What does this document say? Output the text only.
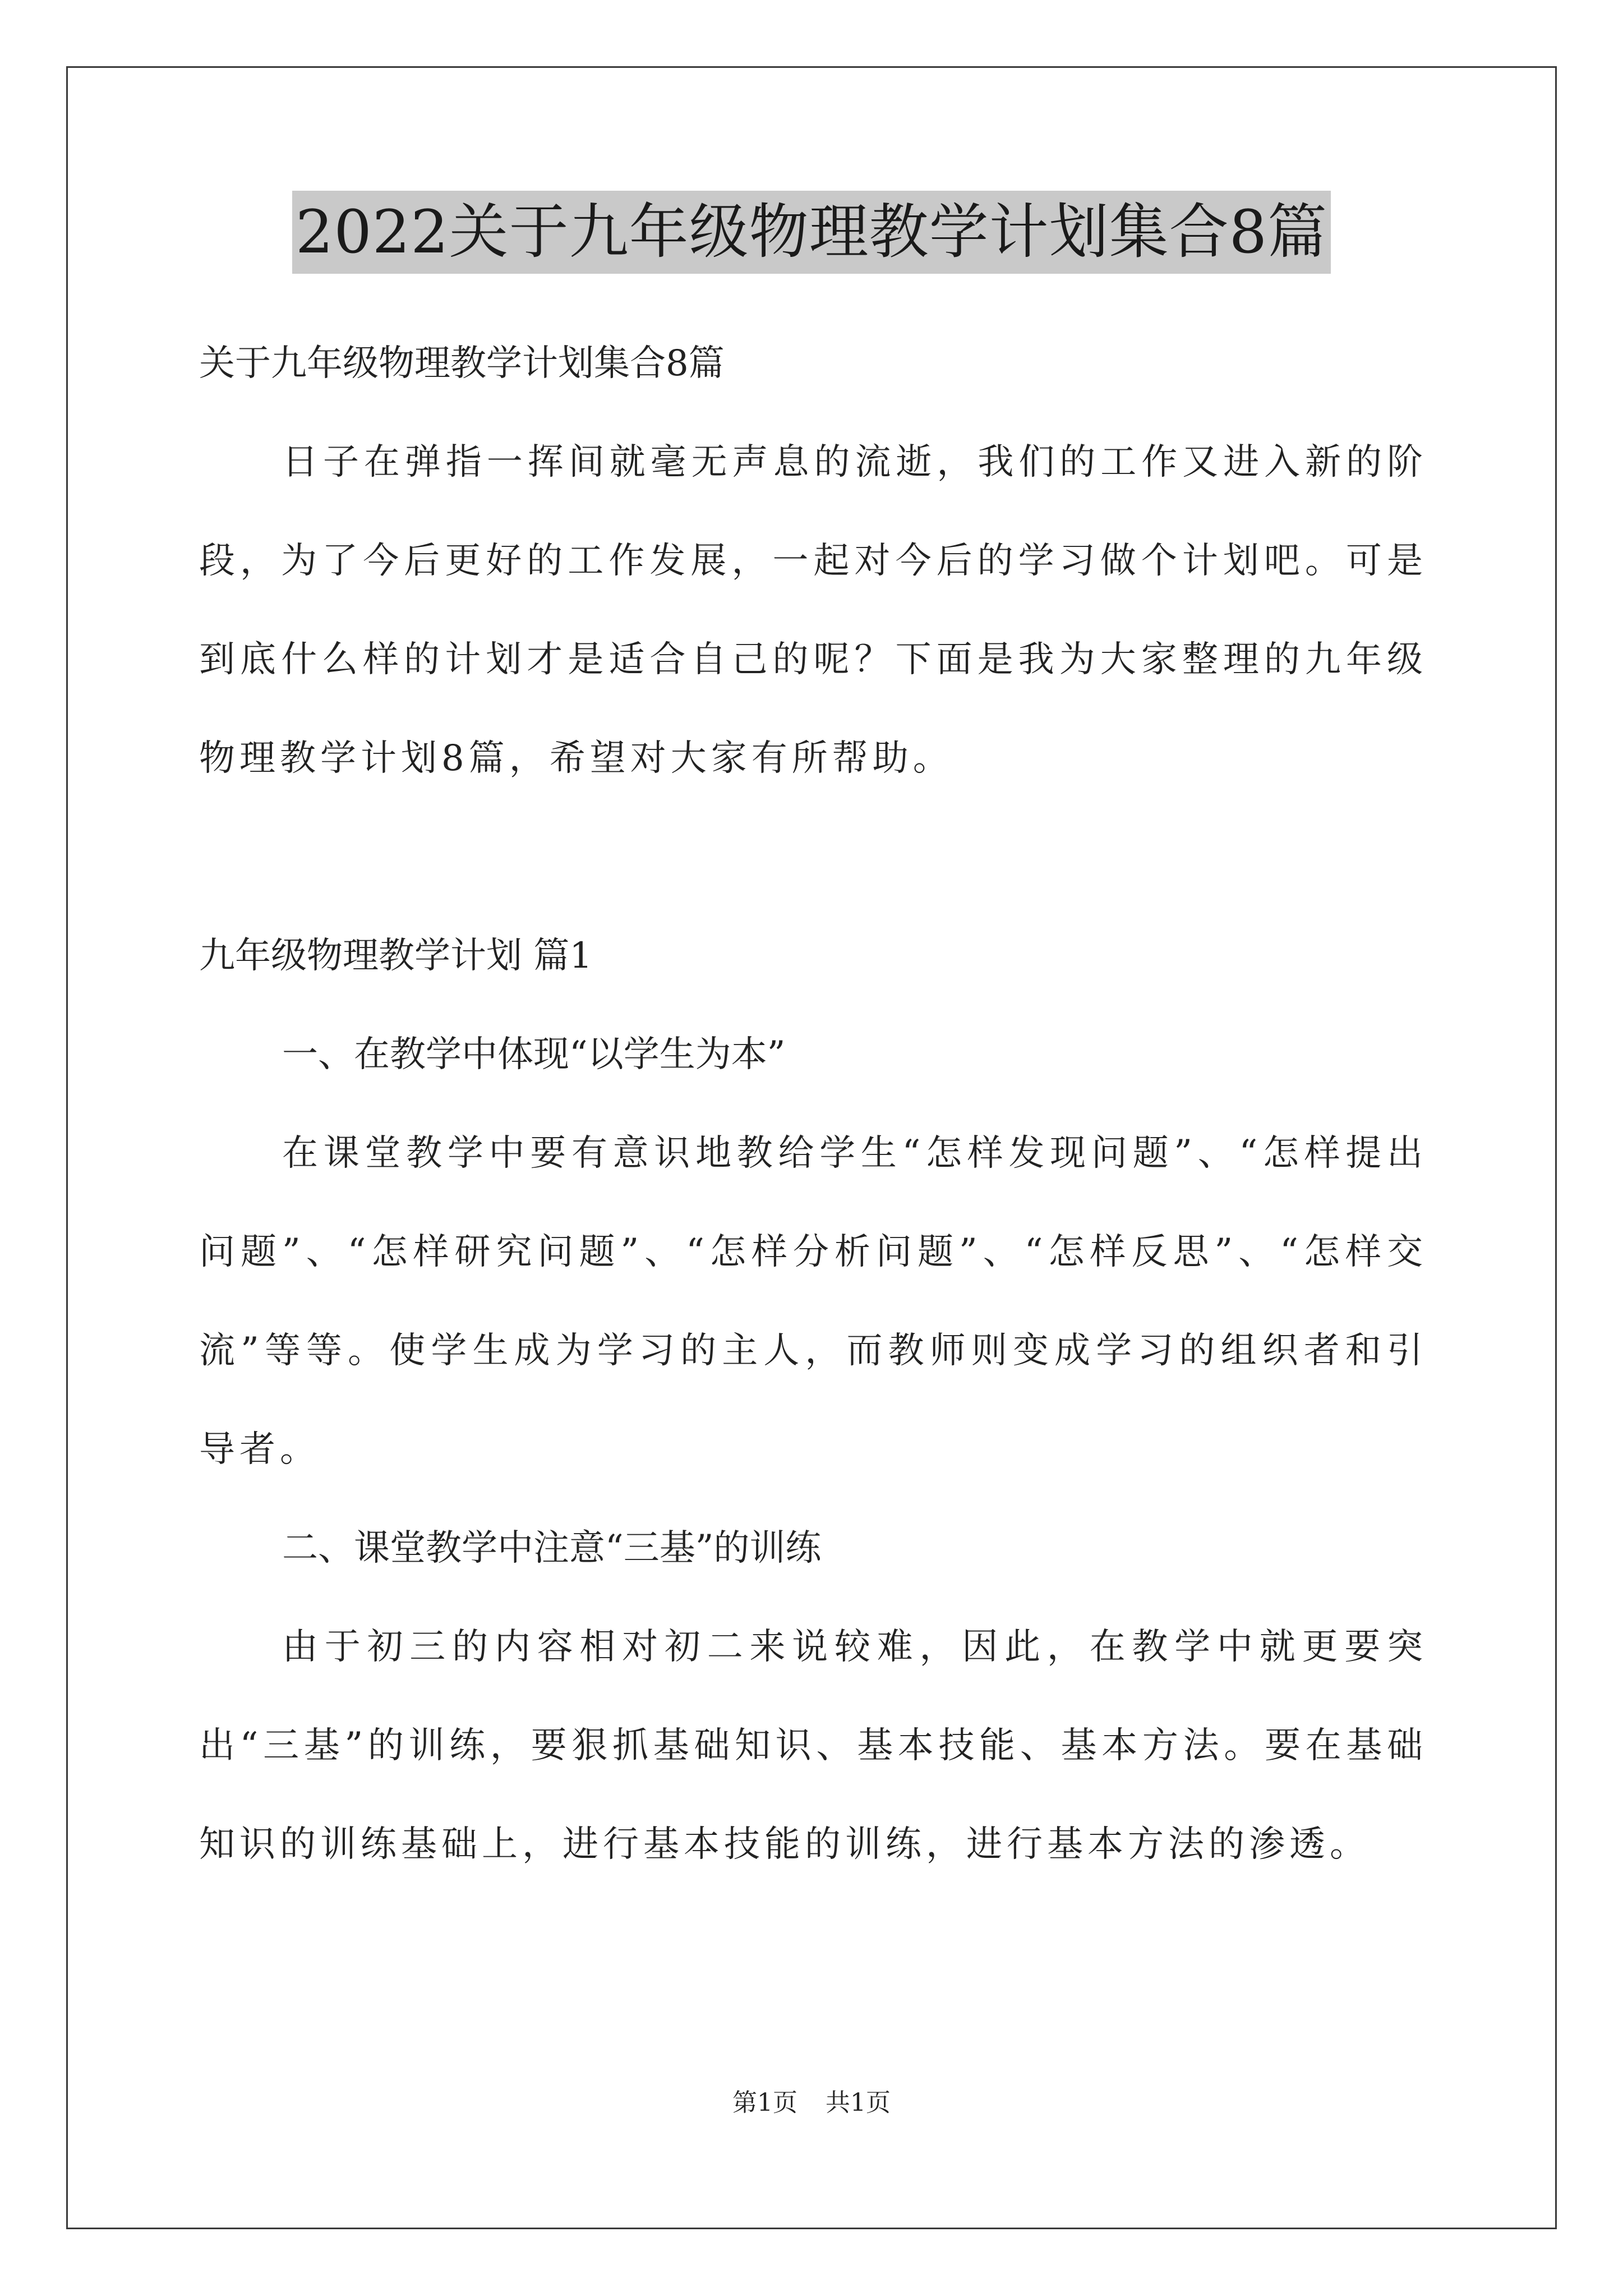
2022关于九年级物理教学计划集合8篇

关于九年级物理教学计划集合8篇

日子在弹指一挥间就毫无声息的流逝，我们的工作又进入新的阶段，为了今后更好的工作发展，一起对今后的学习做个计划吧。可是到底什么样的计划才是适合自己的呢？下面是我为大家整理的九年级物理教学计划8篇，希望对大家有所帮助。

九年级物理教学计划 篇1

一、在教学中体现“以学生为本”

在课堂教学中要有意识地教给学生“怎样发现问题”、“怎样提出问题”、“怎样研究问题”、“怎样分析问题”、“怎样反思”、“怎样交流”等等。使学生成为学习的主人，而教师则变成学习的组织者和引导者。

二、课堂教学中注意“三基”的训练

由于初三的内容相对初二来说较难，因此，在教学中就更要突出“三基”的训练，要狠抓基础知识、基本技能、基本方法。要在基础知识的训练基础上，进行基本技能的训练，进行基本方法的渗透。

第1页 共1页
